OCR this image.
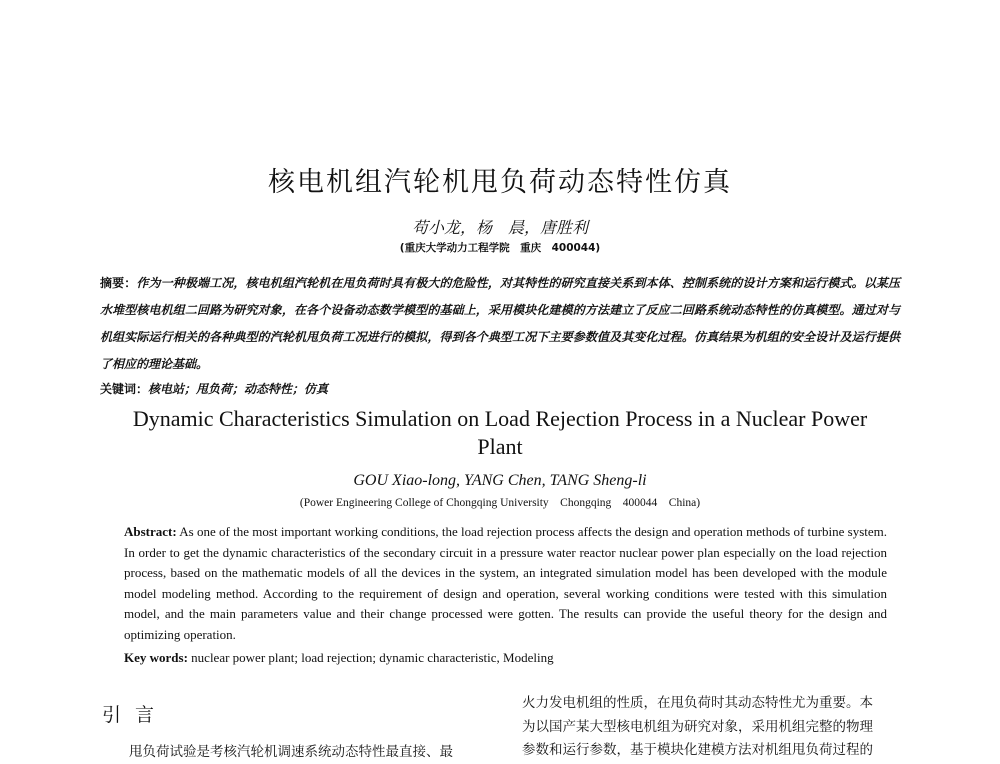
核电机组汽轮机甩负荷动态特性仿真
苟小龙，杨　晨，唐胜利
(重庆大学动力工程学院　重庆　400044)
摘要：作为一种极端工况，核电机组汽轮机在甩负荷时具有极大的危险性，对其特性的研究直接关系到本体、控制系统的设计方案和运行模式。以某压水堆型核电机组二回路为研究对象，在各个设备动态数学模型的基础上，采用模块化建模的方法建立了反应二回路系统动态特性的仿真模型。通过对与机组实际运行相关的各种典型的汽轮机甩负荷工况进行的模拟，得到各个典型工况下主要参数值及其变化过程。仿真结果为机组的安全设计及运行提供了相应的理论基础。
关键词：核电站；甩负荷；动态特性；仿真
Dynamic Characteristics Simulation on Load Rejection Process in a Nuclear Power Plant
GOU Xiao-long, YANG Chen, TANG Sheng-li
(Power Engineering College of Chongqing University　Chongqing　400044　China)
Abstract: As one of the most important working conditions, the load rejection process affects the design and operation methods of turbine system. In order to get the dynamic characteristics of the secondary circuit in a pressure water reactor nuclear power plan especially on the load rejection process, based on the mathematic models of all the devices in the system, an integrated simulation model has been developed with the module model modeling method. According to the requirement of design and operation, several working conditions were tested with this simulation model, and the main parameters value and their change processed were gotten. The results can provide the useful theory for the design and optimizing operation.
Key words: nuclear power plant; load rejection; dynamic characteristic, Modeling
引言
甩负荷试验是考核汽轮机调速系统动态特性最直接、最
火力发电机组的性质，在甩负荷时其动态特性尤为重要。本
为以国产某大型核电机组为研究对象，采用机组完整的物理
参数和运行参数，基于模块化建模方法对机组甩负荷过程的
